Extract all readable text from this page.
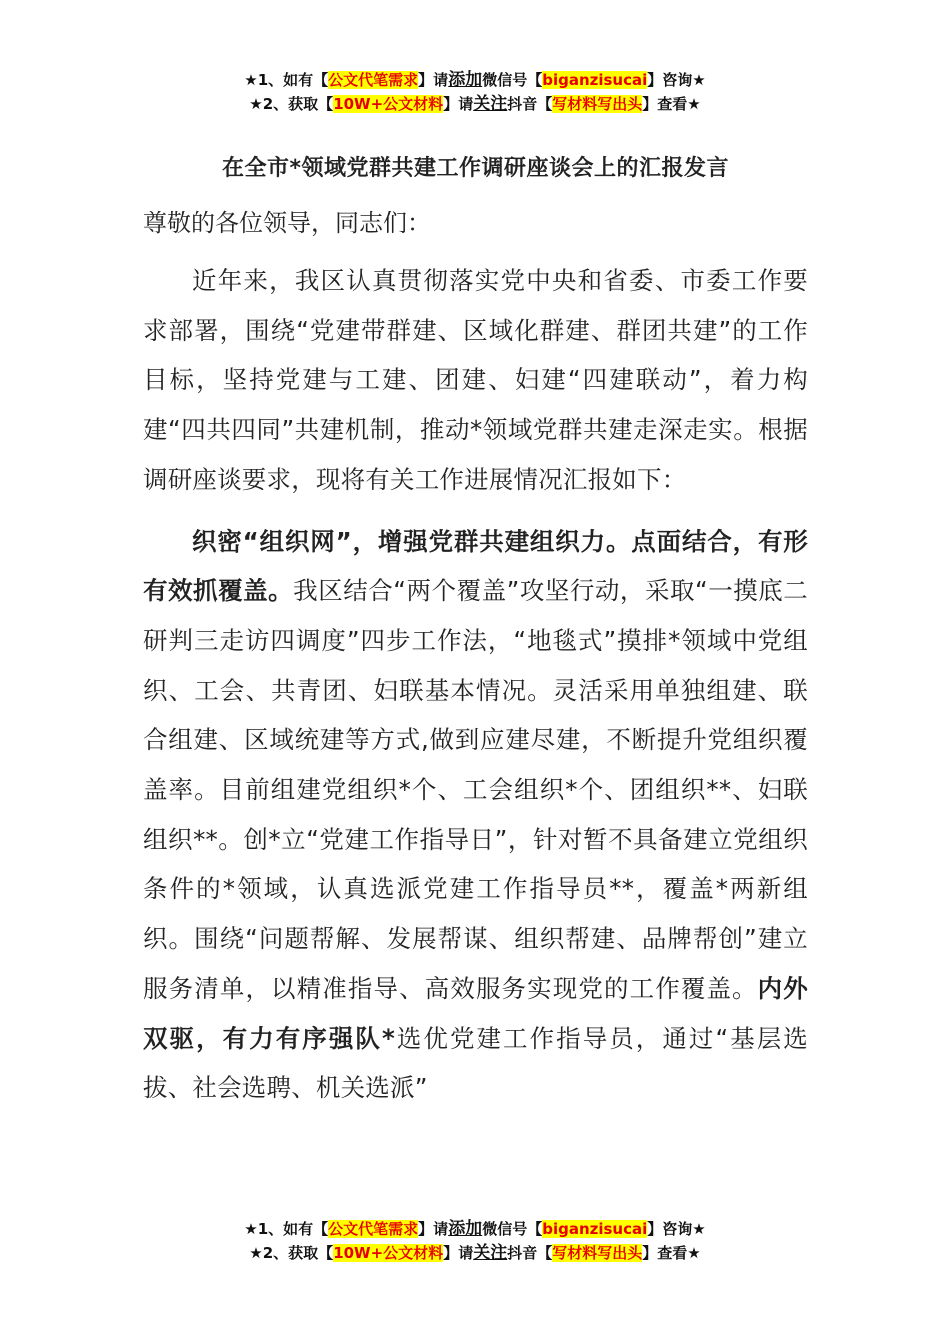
★1、如有【公文代笔需求】请添加微信号【biganzisucai】咨询★
★2、获取【10W+公文材料】请关注抖音【写材料写出头】查看★
在全市*领域党群共建工作调研座谈会上的汇报发言
尊敬的各位领导，同志们：

近年来，我区认真贯彻落实党中央和省委、市委工作要求部署，围绕“党建带群建、区域化群建、群团共建”的工作目标，坚持党建与工建、团建、妇建“四建联动”，着力构建“四共四同”共建机制，推动*领域党群共建走深走实。根据调研座谈要求，现将有关工作进展情况汇报如下：

织密“组织网”，增强党群共建组织力。点面结合，有形有效抓覆盖。我区结合“两个覆盖”攻坚行动，采取“一摸底二研判三走访四调度”四步工作法，“地毯式”摸排*领域中党组织、工会、共青团、妇联基本情况。灵活采用单独组建、联合组建、区域统建等方式,做到应建尽建，不断提升党组织覆盖率。目前组建党组织*个、工会组织*个、团组织**、妇联组织**。创*立“党建工作指导日”，针对暂不具备建立党组织条件的*领域，认真选派党建工作指导员**，覆盖*两新组织。围绕“问题帮解、发展帮谋、组织帮建、品牌帮创”建立服务清单，以精准指导、高效服务实现党的工作覆盖。内外双驱，有力有序强队*选优党建工作指导员，通过“基层选拔、社会选聘、机关选派”

★1、如有【公文代笔需求】请添加微信号【biganzisucai】咨询★
★2、获取【10W+公文材料】请关注抖音【写材料写出头】查看★
